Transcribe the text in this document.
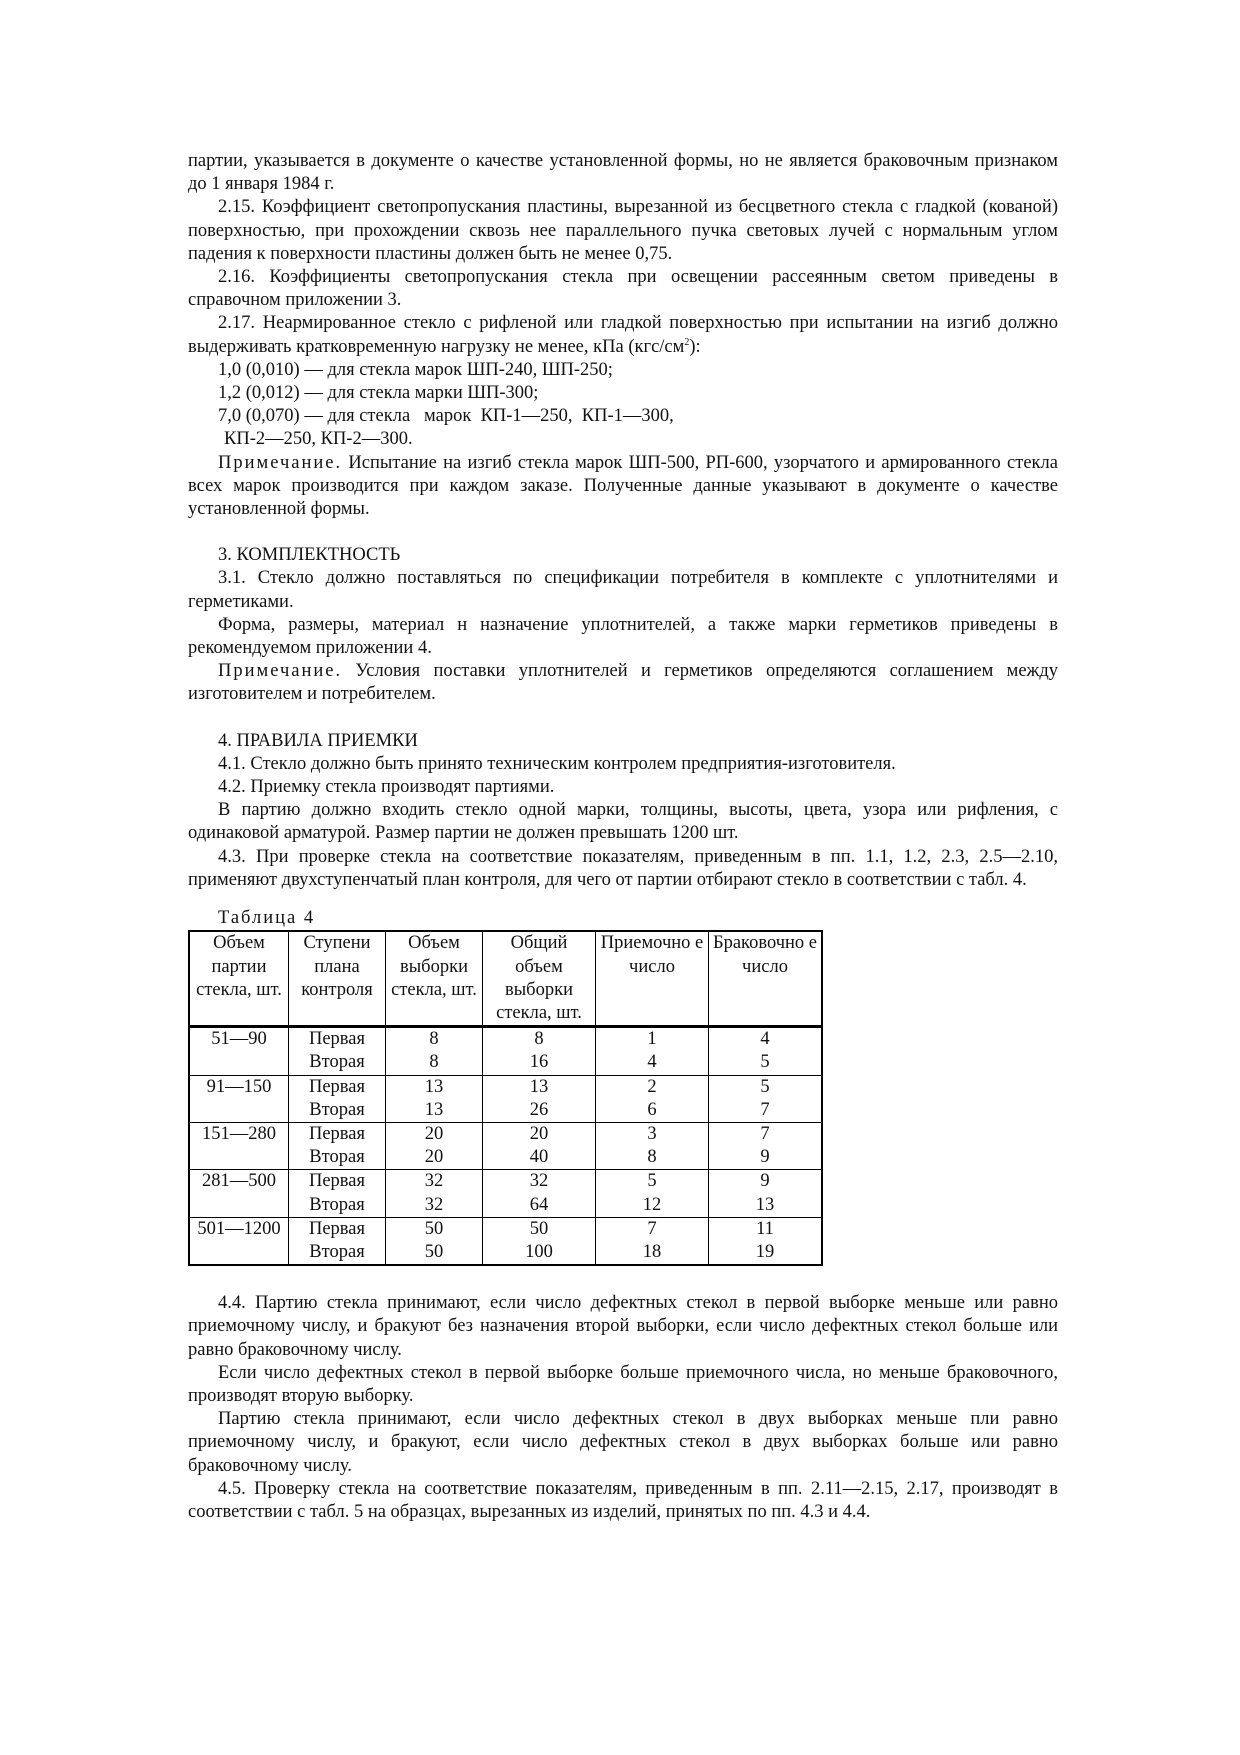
партии, указывается в документе о качестве установленной формы, но не является браковочным признаком до 1 января 1984 г.

2.15. Коэффициент светопропускания пластины, вырезанной из бесцветного стекла с гладкой (кованой) поверхностью, при прохождении сквозь нее параллельного пучка световых лучей с нормальным углом падения к поверхности пластины должен быть не менее 0,75.

2.16. Коэффициенты светопропускания стекла при освещении рассеянным светом приведены в справочном приложении 3.

2.17. Неармированное стекло с рифленой или гладкой поверхностью при испытании на изгиб должно выдерживать кратковременную нагрузку не менее, кПа $(кгс/см^2)$:

1,0 (0,010) — для стекла марок ШП-240, ШП-250;

1,2 (0,012) — для стекла марки ШП-300;

7,0 (0,070) — для стекла   марок  КП-1—250,  КП-1—300,

КП-2—250, КП-2—300.

Примечание. Испытание на изгиб стекла марок ШП-500, РП-600, узорчатого и армированного стекла всех марок производится при каждом заказе. Полученные данные указывают в документе о качестве установленной формы.

3. КОМПЛЕКТНОСТЬ

3.1. Стекло должно поставляться по спецификации потребителя в комплекте с уплотнителями и герметиками.

Форма, размеры, материал н назначение уплотнителей, а также марки герметиков приведены в рекомендуемом приложении 4.

Примечание. Условия поставки уплотнителей и герметиков определяются соглашением между изготовителем и потребителем.

4. ПРАВИЛА ПРИЕМКИ

4.1. Стекло должно быть принято техническим контролем предприятия-изготовителя.

4.2. Приемку стекла производят партиями.

В партию должно входить стекло одной марки, толщины, высоты, цвета, узора или рифления, с одинаковой арматурой. Размер партии не должен превышать 1200 шт.

4.3. При проверке стекла на соответствие показателям, приведенным в пп. 1.1, 1.2, 2.3, 2.5—2.10, применяют двухступенчатый план контроля, для чего от партии отбирают стекло в соответствии с табл. 4.

Таблица 4

Объем партии стекла, шт.	Ступени плана контроля	Объем выборки стекла, шт.	Общий объем выборки стекла, шт.	Приемочно е число	Браковочно е число
51—90	Первая	8	8	1	4
	Вторая	8	16	4	5
91—150	Первая	13	13	2	5
	Вторая	13	26	6	7
151—280	Первая	20	20	3	7
	Вторая	20	40	8	9
281—500	Первая	32	32	5	9
	Вторая	32	64	12	13
501—1200	Первая	50	50	7	11
	Вторая	50	100	18	19

4.4. Партию стекла принимают, если число дефектных стекол в первой выборке меньше или равно приемочному числу, и бракуют без назначения второй выборки, если число дефектных стекол больше или равно браковочному числу.

Если число дефектных стекол в первой выборке больше приемочного числа, но меньше браковочного, производят вторую выборку.

Партию стекла принимают, если число дефектных стекол в двух выборках меньше пли равно приемочному числу, и бракуют, если число дефектных стекол в двух выборках больше или равно браковочному числу.

4.5. Проверку стекла на соответствие показателям, приведенным в пп. 2.11—2.15, 2.17, производят в соответствии с табл. 5 на образцах, вырезанных из изделий, принятых по пп. 4.3 и 4.4.
